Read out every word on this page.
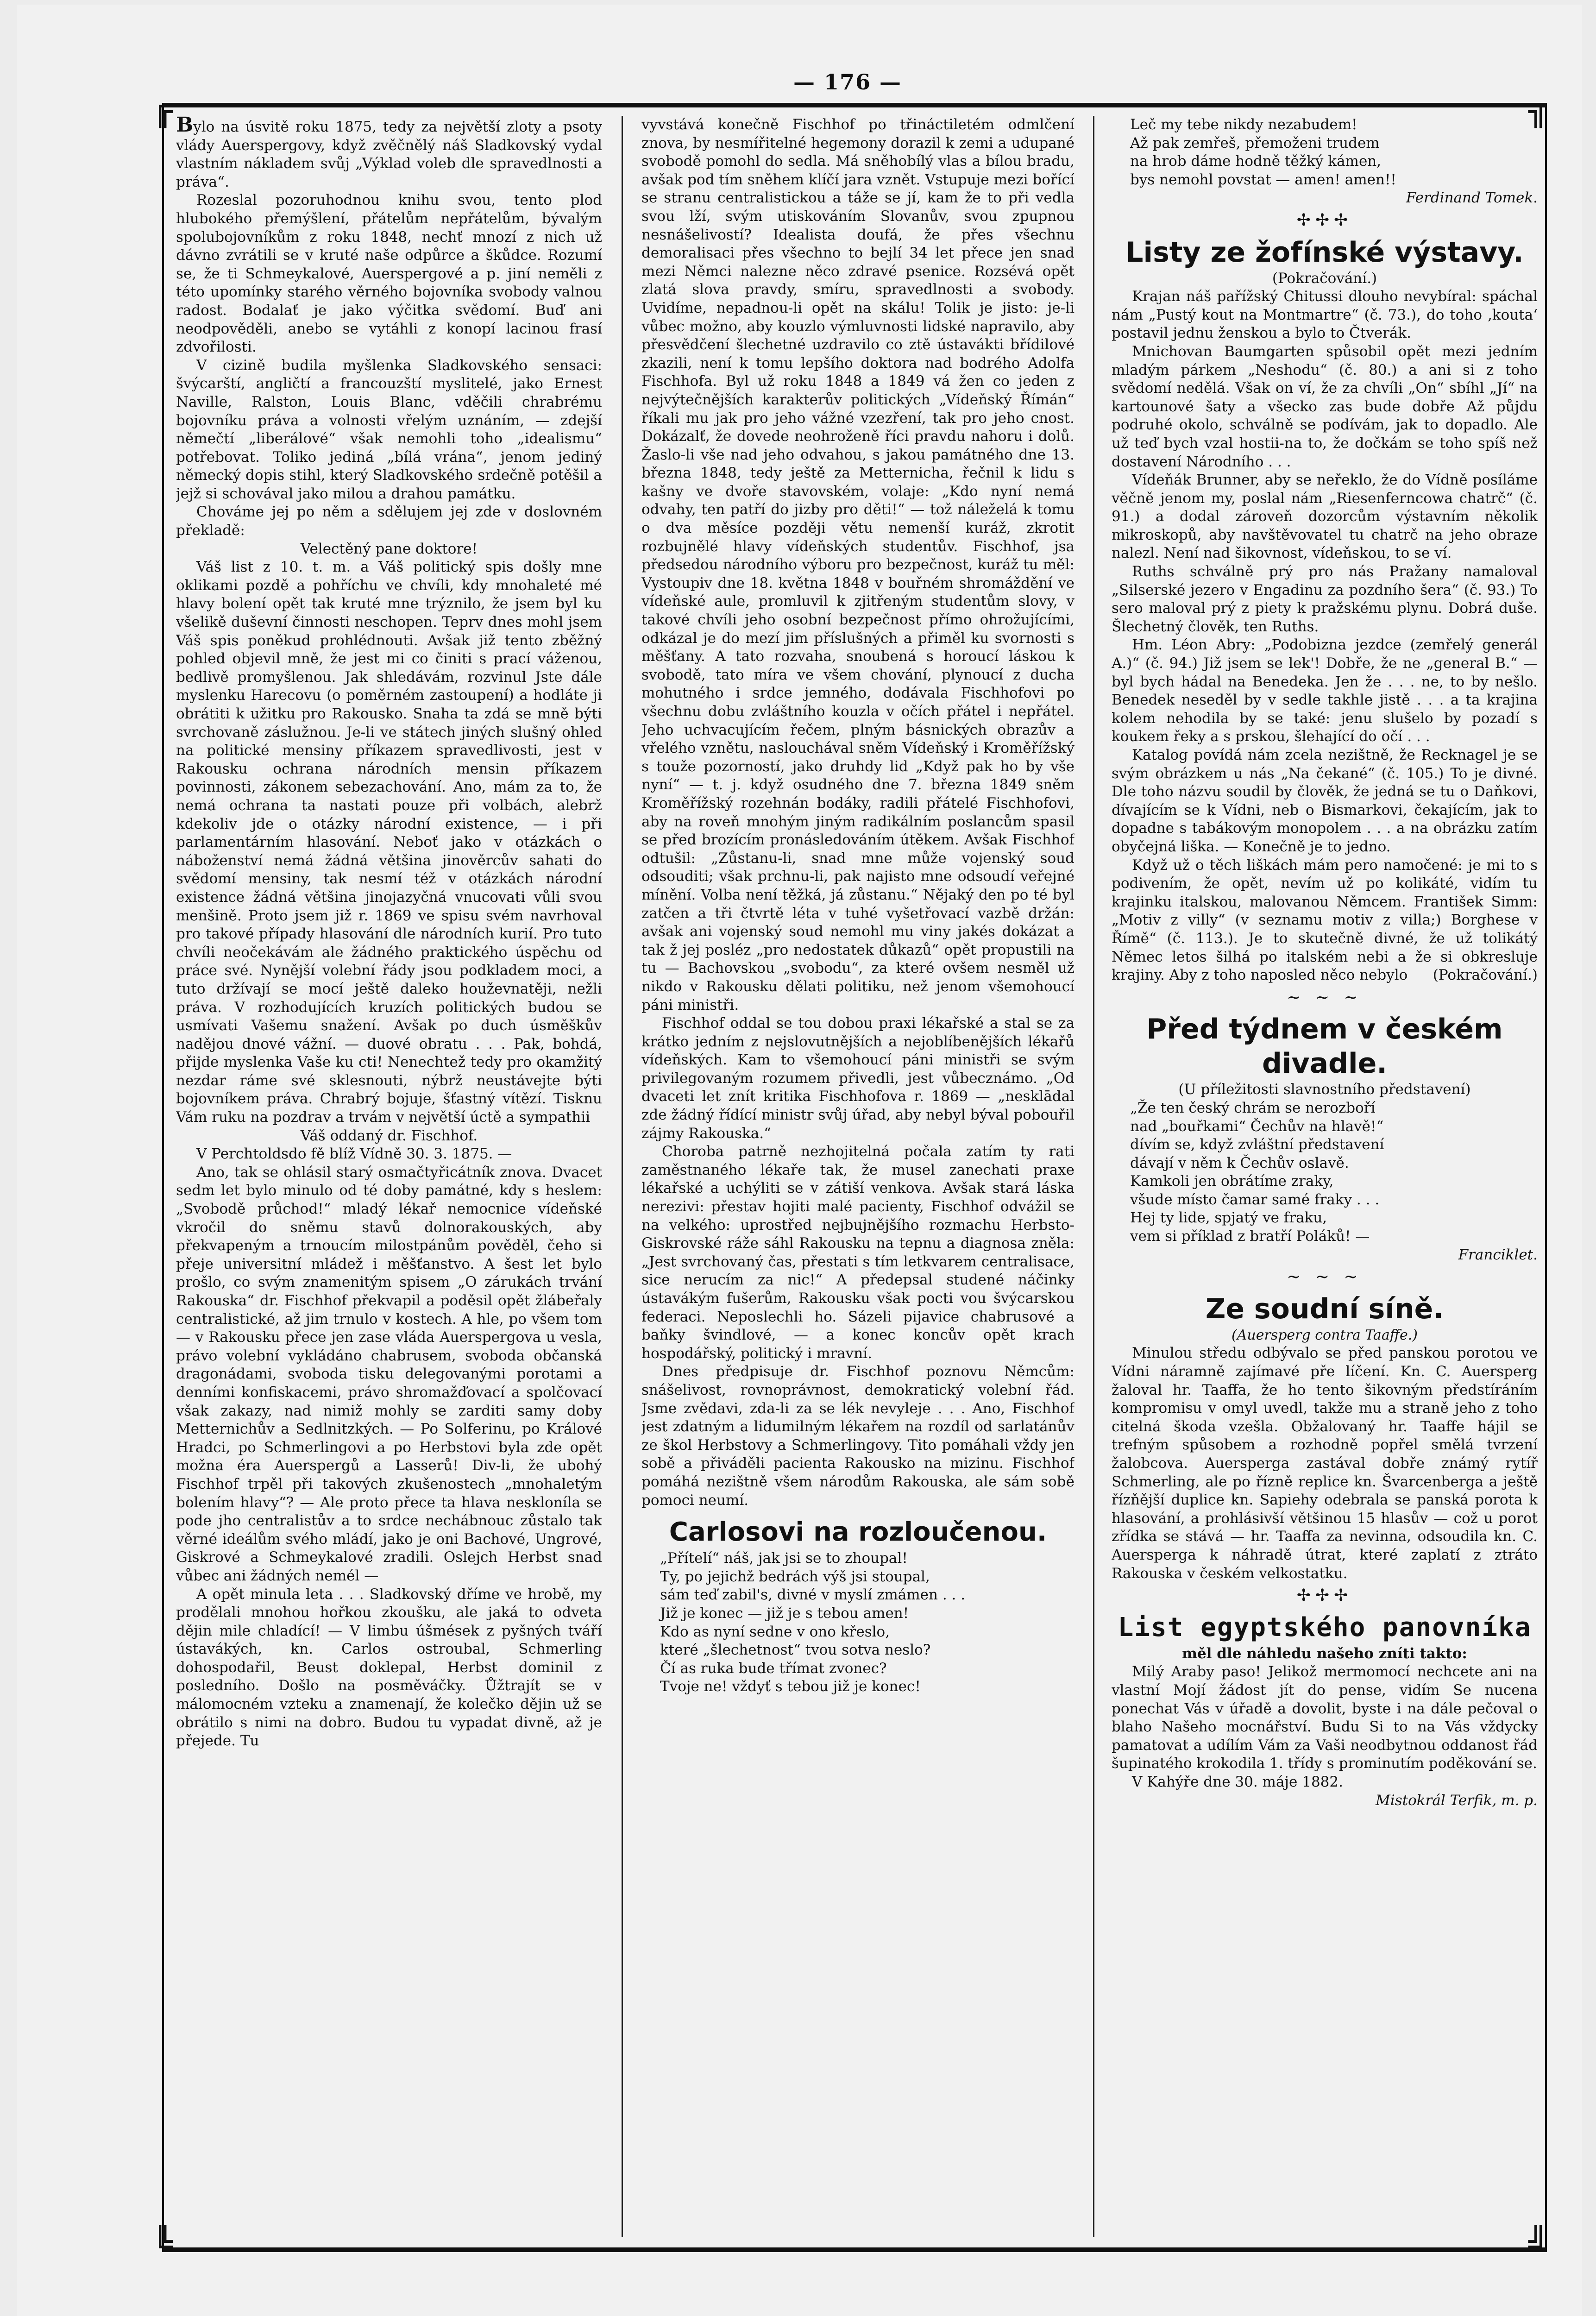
— 176 —
╔	╗
╚	╝

Bylo na úsvitě roku 1875, tedy za největší zloty a psoty vlády Auerspergovy, když zvěčnělý náš Sladkovský vydal vlastním nákladem svůj „Výklad voleb dle spravedlnosti a práva“.

Rozeslal pozoruhodnou knihu svou, tento plod hlubokého přemýšlení, přátelům nepřátelům, bývalým spolubojovníkům z roku 1848, nechť mnozí z nich už dávno zvrátili se v kruté naše odpůrce a škůdce. Rozumí se, že ti Schmeykalové, Auerspergové a p. jiní neměli z této upomínky starého věrného bojovníka svobody valnou radost. Bodalať je jako výčitka svědomí. Buď ani neodpověděli, anebo se vytáhli z konopí lacinou frasí zdvořilosti.

V cizině budila myšlenka Sladkovského sensaci: švýcarští, angličtí a francouzští myslitelé, jako Ernest Naville, Ralston, Louis Blanc, vděčili chrabrému bojovníku práva a volnosti vřelým uznáním, — zdejší němečtí „liberálové“ však nemohli toho „idealismu“ potřebovat. Toliko jediná „bílá vrána“, jenom jediný německý dopis stihl, který Sladkovského srdečně potěšil a jejž si schovával jako milou a drahou památku.

Chováme jej po něm a sdělujem jej zde v doslovném překladě:

Velectěný pane doktore!

Váš list z 10. t. m. a Váš politický spis došly mne oklikami pozdě a pohříchu ve chvíli, kdy mnohaleté mé hlavy bolení opět tak kruté mne trýznilo, že jsem byl ku všelikě duševní činnosti neschopen. Teprv dnes mohl jsem Váš spis poněkud prohlédnouti. Avšak již tento zběžný pohled objevil mně, že jest mi co činiti s prací váženou, bedlivě promyšlenou. Jak shledávám, rozvinul Jste dále myslenku Harecovu (o poměrném zastoupení) a hodláte ji obrátiti k užitku pro Rakousko. Snaha ta zdá se mně býti svrchovaně záslužnou. Je-li ve státech jiných slušný ohled na politické mensiny příkazem spravedlivosti, jest v Rakousku ochrana národních mensin příkazem povinnosti, zákonem sebezachování. Ano, mám za to, že nemá ochrana ta nastati pouze při volbách, alebrž kdekoliv jde o otázky národní existence, — i při parlamentárním hlasování. Neboť jako v otázkách o náboženství nemá žádná většina jinověrcův sahati do svědomí mensiny, tak nesmí též v otázkách národní existence žádná většina jinojazyčná vnucovati vůli svou menšině. Proto jsem již r. 1869 ve spisu svém navrhoval pro takové případy hlasování dle národních kurií. Pro tuto chvíli neočekávám ale žádného praktického úspěchu od práce své. Nynější volební řády jsou podkladem moci, a tuto držívají se mocí ještě daleko houževnatěji, nežli práva. V rozhodujících kruzích politických budou se usmívati Vašemu snažení. Avšak po duch úsměškův nadějou dnové vážní. — duové obratu . . . Pak, bohdá, přijde myslenka Vaše ku cti! Nenechtež tedy pro okamžitý nezdar ráme své sklesnouti, nýbrž neustávejte býti bojovníkem práva. Chrabrý bojuje, šťastný vítězí. Tisknu Vám ruku na pozdrav a trvám v největší úctě a sympathii

Váš oddaný dr. Fischhof.

V Perchtoldsdo fě blíž Vídně 30. 3. 1875. —

Ano, tak se ohlásil starý osmačtyřicátník znova. Dvacet sedm let bylo minulo od té doby památné, kdy s heslem: „Svobodě průchod!“ mladý lékař nemocnice vídeňské vkročil do sněmu stavů dolnorakouských, aby překvapeným a trnoucím milostpánům pověděl, čeho si přeje universitní mládež i měšťanstvo. A šest let bylo prošlo, co svým znamenitým spisem „O zárukách trvání Rakouska“ dr. Fischhof překvapil a poděsil opět žlábeřaly centralistické, až jim trnulo v kostech. A hle, po všem tom — v Rakousku přece jen zase vláda Auerspergova u vesla, právo volební vykládáno chabrusem, svoboda občanská dragonádami, svoboda tisku delegovanými porotami a denními konfiskacemi, právo shromažďovací a spolčovací však zakazy, nad nimiž mohly se zarditi samy doby Metternichův a Sedlnitzkých. — Po Solferinu, po Králové Hradci, po Schmerlingovi a po Herbstovi byla zde opět možna éra Auerspergů a Lasserů! Div-li, že ubohý Fischhof trpěl při takových zkušenostech „mnohaletým bolením hlavy“? — Ale proto přece ta hlava neskloníla se pode jho centralistův a to srdce nechábnouc zůstalo tak věrné ideálům svého mládí, jako je oni Bachové, Ungrové, Giskrové a Schmeykalové zradili. Oslejch Herbst snad vůbec ani žádných nemél —

A opět minula leta . . . Sladkovský dříme ve hrobě, my prodělali mnohou hořkou zkoušku, ale jaká to odveta dějin mile chladící! — V limbu úšmések z pyšných tváří ústavákých, kn. Carlos ostroubal, Schmerling dohospodařil, Beust doklepal, Herbst dominil z posledního. Došlo na posměváčky. Ůžtrajít se v málomocném vzteku a znamenají, že kolečko dějin už se obrátilo s nimi na dobro. Budou tu vypadat divně, až je přejede. Tu

vyvstává konečně Fischhof po třináctiletém odmlčení znova, by nesmířitelné hegemony dorazil k zemi a udupané svobodě pomohl do sedla. Má sněhobílý vlas a bílou bradu, avšak pod tím sněhem klíčí jara vznět. Vstupuje mezi bořící se stranu centralistickou a táže se jí, kam že to při vedla svou lží, svým utiskováním Slovanův, svou zpupnou nesnášelivostí? Idealista doufá, že přes všechnu demoralisaci přes všechno to bejlí 34 let přece jen snad mezi Němci nalezne něco zdravé psenice. Rozsévá opět zlatá slova pravdy, smíru, spravedlnosti a svobody. Uvidíme, nepadnou-li opět na skálu! Tolik je jisto: je-li vůbec možno, aby kouzlo výmluvnosti lidské napravilo, aby přesvědčení šlechetné uzdravilo co ztě ústavákti břídilové zkazili, není k tomu lepšího doktora nad bodrého Adolfa Fischhofa. Byl už roku 1848 a 1849 vá žen co jeden z nejvýtečnějších karakterův politických „Vídeňský Římán“ říkali mu jak pro jeho vážné vzezření, tak pro jeho cnost. Dokázalť, že dovede neohroženě říci pravdu nahoru i dolů. Žaslo-li vše nad jeho odvahou, s jakou památného dne 13. března 1848, tedy ještě za Metternicha, řečnil k lidu s kašny ve dvoře stavovském, volaje: „Kdo nyní nemá odvahy, ten patří do jizby pro děti!“ — tož náleželá k tomu o dva měsíce později větu nemenší kuráž, zkrotit rozbujnělé hlavy vídeňských studentův. Fischhof, jsa předsedou národního výboru pro bezpečnost, kuráž tu měl: Vystoupiv dne 18. května 1848 v bouřném shromáždění ve vídeňské aule, promluvil k zjitřeným studentům slovy, v takové chvíli jeho osobní bezpečnost přímo ohrožujícími, odkázal je do mezí jim příslušných a přiměl ku svornosti s měšťany. A tato rozvaha, snoubená s horoucí láskou k svobodě, tato míra ve všem chování, plynoucí z ducha mohutného i srdce jemného, dodávala Fischhofovi po všechnu dobu zvláštního kouzla v očích přátel i nepřátel. Jeho uchvacujícím řečem, plným básnických obrazův a vřelého vznětu, naslouchával sněm Vídeňský i Kroměřížský s touže pozorností, jako druhdy lid „Když pak ho by vše nyní“ — t. j. když osudného dne 7. března 1849 sněm Kroměřížský rozehnán bodáky, radili přátelé Fischhofovi, aby na roveň mnohým jiným radikálním poslancům spasil se před brozícím pronásledováním útěkem. Avšak Fischhof odtušil: „Zůstanu-li, snad mne může vojenský soud odsouditi; však prchnu-li, pak najisto mne odsoudí veřejné mínění. Volba není těžká, já zůstanu.“ Nějaký den po té byl zatčen a tři čtvrtě léta v tuhé vyšetřovací vazbě držán: avšak ani vojenský soud nemohl mu viny jakés dokázat a tak ž jej posléz „pro nedostatek důkazů“ opět propustili na tu — Bachovskou „svobodu“, za které ovšem nesměl už nikdo v Rakousku dělati politiku, než jenom všemohoucí páni ministři.

Fischhof oddal se tou dobou praxi lékařské a stal se za krátko jedním z nejslovutnějších a nejoblíbenějších lékařů vídeňských. Kam to všemohoucí páni ministři se svým privilegovaným rozumem přivedli, jest vůbecznámo. „Od dvaceti let znít kritika Fischhofova r. 1869 — „nesklādal zde žádný řídící ministr svůj úřad, aby nebyl býval pobouřil zájmy Rakouska.“

Choroba patrně nezhojitelná počala zatím ty rati zaměstnaného lékaře tak, že musel zanechati praxe lékařské a uchýliti se v zátiší venkova. Avšak stará láska nerezivi: přestav hojiti malé pacienty, Fischhof odvážil se na velkého: uprostřed nejbujnějšího rozmachu Herbsto-Giskrovské ráže sáhl Rakousku na tepnu a diagnosa zněla: „Jest svrchovaný čas, přestati s tím letkvarem centralisace, sice nerucím za nic!“ A předepsal studené náčinky ústavákým fušerům, Rakousku však pocti vou švýcarskou federaci. Neposlechli ho. Sázeli pijavice chabrusové a baňky švindlové, — a konec koncův opět krach hospodářský, politický i mravní.

Dnes předpisuje dr. Fischhof poznovu Němcům: snášelivost, rovnoprávnost, demokratický volební řád. Jsme zvědavi, zda-li za se lék nevyleje . . . Ano, Fischhof jest zdatným a lidumilným lékařem na rozdíl od sarlatánův ze škol Herbstovy a Schmerlingovy. Tito pomáhali vždy jen sobě a přiváděli pacienta Rakousko na mizinu. Fischhof pomáhá nezištně všem národům Rakouska, ale sám sobě pomoci neumí.

Carlosovi na rozloučenou.

„Přítelí“ náš, jak jsi se to zhoupal!

Ty, po jejichž bedrách výš jsi stoupal,

sám teď zabil's, divné v myslí zmámen . . .

Již je konec — již je s tebou amen!

Kdo as nyní sedne v ono křeslo,

které „šlechetnost“ tvou sotva neslo?

Čí as ruka bude třímat zvonec?

Tvoje ne! vždyť s tebou již je konec!

Leč my tebe nikdy nezabudem!

Až pak zemřeš, přemoženi trudem

na hrob dáme hodně těžký kámen,

bys nemohl povstat — amen! amen!!

Ferdinand Tomek.

✢✢✢
Listy ze žofínské výstavy.

(Pokračování.)

Krajan náš pařížský Chitussi dlouho nevybíral: spáchal nám „Pustý kout na Montmartre“ (č. 73.), do toho ‚kouta‘ postavil jednu ženskou a bylo to Čtverák.

Mnichovan Baumgarten spůsobil opět mezi jedním mladým párkem „Neshodu“ (č. 80.) a ani si z toho svědomí nedělá. Však on ví, že za chvíli „On“ sbíhl „Jí“ na kartounové šaty a všecko zas bude dobře Až půjdu podruhé okolo, schválně se podívám, jak to dopadlo. Ale už teď bych vzal hostii-na to, že dočkám se toho spíš než dostavení Národního . . .

Vídeňák Brunner, aby se neřeklo, že do Vídně posíláme věčně jenom my, poslal nám „Riesenferncowa chatrč“ (č. 91.) a dodal zároveň dozorcům výstavním několik mikroskopů, aby navštěvovatel tu chatrč na jeho obraze nalezl. Není nad šikovnost, vídeňskou, to se ví.

Ruths schválně prý pro nás Pražany namaloval „Silserské jezero v Engadinu za pozdního šera“ (č. 93.) To sero maloval prý z piety k pražskému plynu. Dobrá duše. Šlechetný člověk, ten Ruths.

Hm. Léon Abry: „Podobizna jezdce (zemřelý generál A.)“ (č. 94.) Již jsem se lek'! Dobře, že ne „general B.“ — byl bych hádal na Benedeka. Jen že . . . ne, to by nešlo. Benedek neseděl by v sedle takhle jistě . . . a ta krajina kolem nehodila by se také: jenu slušelo by pozadí s koukem řeky a s prskou, šlehající do očí . . .

Katalog povídá nám zcela nezištně, že Recknagel je se svým obrázkem u nás „Na čekané“ (č. 105.) To je divné. Dle toho názvu soudil by člověk, že jedná se tu o Daňkovi, dívajícím se k Vídni, neb o Bismarkovi, čekajícím, jak to dopadne s tabákovým monopolem . . . a na obrázku zatím obyčejná liška. — Konečně je to jedno.

Když už o těch liškách mám pero namočené: je mi to s podivením, že opět, nevím už po kolikáté, vidím tu krajinku italskou, malovanou Němcem. František Simm: „Motiv z villy“ (v seznamu motiv z villa;) Borghese v Římě“ (č. 113.). Je to skutečně divné, že už tolikátý Němec letos šilhá po italském nebi a že si obkresluje krajiny. Aby z toho naposled něco nebylo	(Pokračování.)

~ ~ ~
Před týdnem v českém divadle.

(U příležitosti slavnostního představení)

„Že ten český chrám se nerozboří

nad „bouřkami“ Čechův na hlavě!“

dívím se, když zvláštní představení

dávají v něm k Čechův oslavě.

Kamkoli jen obrátíme zraky,

všude místo čamar samé fraky . . .

Hej ty lide, spjatý ve fraku,

vem si příklad z bratří Poláků! —

Franciklet.

~ ~ ~
Ze soudní síně.

(Auersperg contra Taaffe.)

Minulou středu odbývalo se před panskou porotou ve Vídni náramně zajímavé pře líčení. Kn. C. Auersperg žaloval hr. Taaffa, že ho tento šikovným předstíráním kompromisu v omyl uvedl, takže mu a straně jeho z toho citelná škoda vzešla. Obžalovaný hr. Taaffe hájil se trefným spůsobem a rozhodně popřel smělá tvrzení žalobcova. Auersperga zastával dobře známý rytíř Schmerling, ale po řízně replice kn. Švarcenberga a ještě řízňější duplice kn. Sapiehy odebrala se panská porota k hlasování, a prohlásivší většinou 15 hlasův — což u porot zřídka se stává — hr. Taaffa za nevinna, odsoudila kn. C. Auersperga k náhradě útrat, které zaplatí z ztráto Rakouska v českém velkostatku.

✢✢✢
List egyptského panovníka

měl dle náhledu našeho zníti takto:

Milý Araby paso! Jelikož mermomocí nechcete ani na vlastní Mojí žádost jít do pense, vidím Se nucena ponechat Vás v úřadě a dovolit, byste i na dále pečoval o blaho Našeho mocnářství. Budu Si to na Vás vždycky pamatovat a udílím Vám za Vaši neodbytnou oddanost řád šupinatého krokodila 1. třídy s prominutím poděkování se.

V Kahýře dne 30. máje 1882.

Mistokrál Terfik, m. p.
